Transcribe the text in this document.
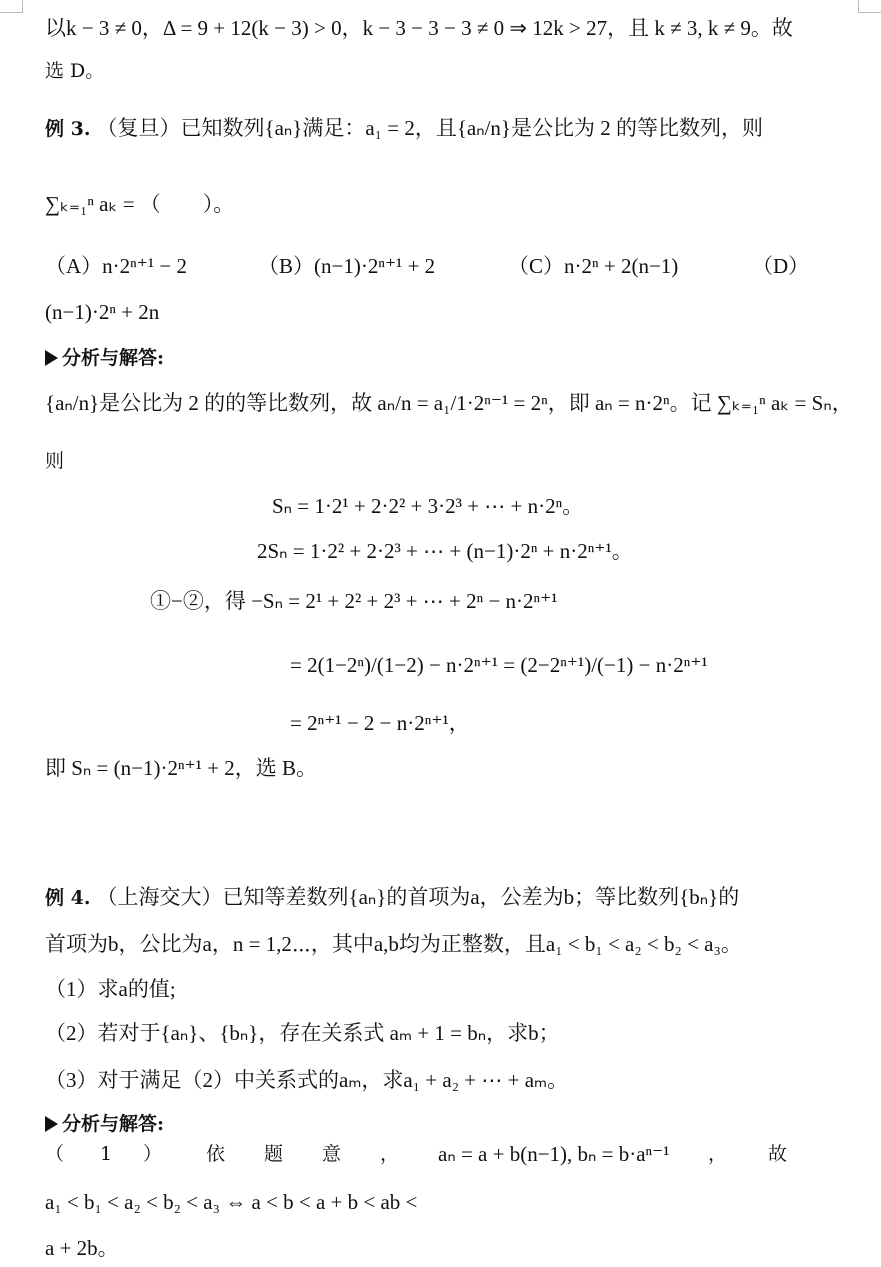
以k − 3 ≠ 0，Δ = 9 + 12(k − 3) > 0，k − 3 − 3 − 3 ≠ 0 ⇒ 12k > 27，且 k ≠ 3, k ≠ 9。故
选 D。
例 3. （复旦）已知数列{aₙ}满足：a₁ = 2，且{aₙ/n}是公比为 2 的等比数列，则
∑ₖ₌₁ⁿ aₖ = （　　）。
（A）n·2ⁿ⁺¹ − 2	（B）(n−1)·2ⁿ⁺¹ + 2	（C）n·2ⁿ + 2(n−1)	（D）
(n−1)·2ⁿ + 2n
分析与解答:
{aₙ/n}是公比为 2 的的等比数列，故 aₙ/n = a₁/1·2ⁿ⁻¹ = 2ⁿ，即 aₙ = n·2ⁿ。记 ∑ₖ₌₁ⁿ aₖ = Sₙ，
则
Sₙ = 1·2¹ + 2·2² + 3·2³ + ⋯ + n·2ⁿ。
2Sₙ = 1·2² + 2·2³ + ⋯ + (n−1)·2ⁿ + n·2ⁿ⁺¹。
①−②，得 −Sₙ = 2¹ + 2² + 2³ + ⋯ + 2ⁿ − n·2ⁿ⁺¹
= 2(1−2ⁿ)/(1−2) − n·2ⁿ⁺¹ = (2−2ⁿ⁺¹)/(−1) − n·2ⁿ⁺¹
= 2ⁿ⁺¹ − 2 − n·2ⁿ⁺¹，
即 Sₙ = (n−1)·2ⁿ⁺¹ + 2，选 B。
例 4. （上海交大）已知等差数列{aₙ}的首项为a，公差为b；等比数列{bₙ}的
首项为b，公比为a，n = 1,2⋯，其中a,b均为正整数，且a₁ < b₁ < a₂ < b₂ < a₃。
（1）求a的值;
（2）若对于{aₙ}、{bₙ}，存在关系式 aₘ + 1 = bₙ，求b；
（3）对于满足（2）中关系式的aₘ，求a₁ + a₂ + ⋯ + aₘ。
分析与解答:
（ 1 ） 依 题 意 ， aₙ = a + b(n−1), bₙ = b·aⁿ⁻¹ ， 故
a₁ < b₁ < a₂ < b₂ < a₃ ⇔ a < b < a + b < ab <
a + 2b。
